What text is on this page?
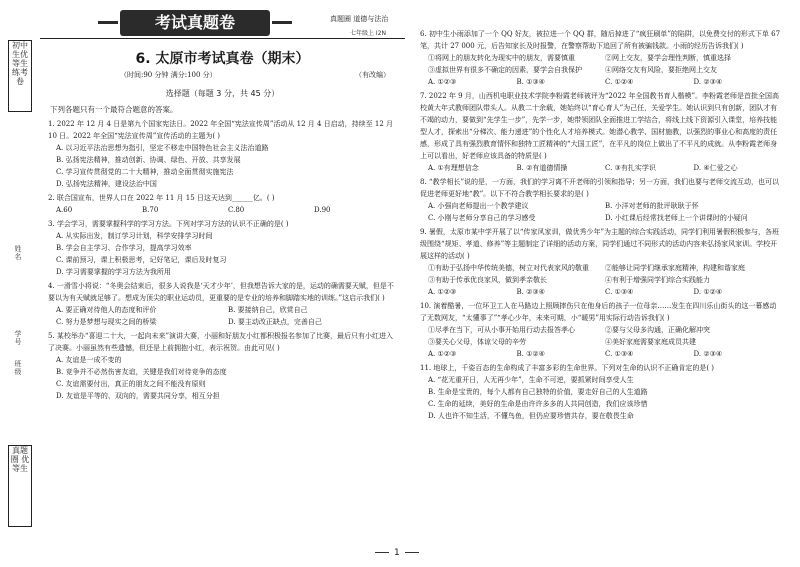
初中生优等生练考卷
姓
名
学
号
班
级
真题圈 优等生
考试真题卷	真题圈 道德与法治
七年级上 I2N
6. 太原市考试真卷（期末）
（时间:90 分钟 满分:100 分）	（有改编）
选择题（每题 3 分，共 45 分）
下列各题只有一个最符合题意的答案。

1. 2022 年 12 月 4 日是第九个国家宪法日。2022 年全国“宪法宣传周”活动从 12 月 4 日启动，持续至 12 月 10 日。2022 年全国“宪法宣传周”宣传活动的主题为( )

A. 以习近平法治思想为指引，坚定不移走中国特色社会主义法治道路
B. 弘扬宪法精神，推动创新、协调、绿色、开放、共享发展
C. 学习宣传贯彻党的二十大精神，推动全面贯彻实施宪法
D. 弘扬宪法精神，建设法治中国

2. 联合国宣布，世界人口在 2022 年 11 月 15 日这天达到______亿。( )

A.60	B.70	C.80	D.90

3. 学会学习，需要掌握科学的学习方法。下列对学习方法的认识不正确的是( )

A. 从实际出发，制订学习计划，科学安排学习时间
B. 学会自主学习、合作学习，提高学习效率
C. 课前预习，课上积极思考，记好笔记，课后及时复习
D. 学习需要掌握的学习方法为我所用

4. 一滑雪小将说：“冬奥会结束后，很多人说我是‘天才少年’，但我想告诉大家的是，运动的确需要天赋，但是不要以为有天赋就足够了。想成为顶尖的职业运动员，更重要的是专业的培养和脚踏实地的训练。”这启示我们( )

A. 要正确对待他人的态度和评价	B. 要接纳自己，欣赏自己
C. 努力是梦想与现实之间的桥梁	D. 要主动改正缺点，完善自己

5. 某校举办“喜迎二十大，一起向未来”演讲大赛，小丽和好朋友小红都积极报名参加了比赛，最后只有小红进入了决赛。小丽虽然有些遗憾，但还是上前拥抱小红，表示祝贺。由此可见( )

A. 友谊是一成不变的
B. 竞争并不必然伤害友谊，关键是我们对待竞争的态度
C. 友谊需要付出，真正的朋友之间不能没有原则
D. 友谊是平等的、双向的，需要共同分享，相互分担

6. 初中生小雨添加了一个 QQ 好友，被拉进一个 QQ 群，随后掉进了“疯狂刷单”的陷阱，以免费交付的形式下单 67 笔，共计 27 000 元，后告知家长及时报警，在警察帮助下追回了所有被骗钱款。小雨的经历告诉我们( )

①将网上的朋友转化为现实中的朋友，需要慎重	②网上交友，要学会理性判断，慎重选择
③虚拟世界有很多不确定的因素，要学会自我保护	④网络交友有风险，要拒绝网上交友
A. ①②③	B. ①③④	C. ①②④	D. ②③④

7. 2022 年 9 月，山西机电职业技术学院李粉霞老师被评为“2022 年全国教书育人楷模”。李粉霞老师是首批全国高校黄大年式教师团队带头人。从教二十余载，她始终以“育心育人”为己任，关爱学生。她认识到只有创新，团队才有不竭的动力，要做到“先学生一步”，先学一步，她带领团队全面推进工学结合，将线上线下资源引入课堂，培养技能型人才，探索出“分梯次、能力递进”的个性化人才培养模式。她潜心教学、国材施教，以强烈的事业心和高度的责任感，形成了具有强烈教育情怀和独特工匠精神的“大国工匠”，在平凡的岗位上做出了不平凡的成就。从李粉霞老师身上可以看出，好老师应该具备的特质是( )

A. ①有理想信念	B. ②有道德情操	C. ③有扎实学识	D. ④仁爱之心

8. “教学相长”说的是，一方面，我们的学习离不开老师的引领和指导；另一方面，我们也要与老师交流互动，也可以促进老师更好地“教”。以下不符合教学相长要求的是( )

A. 小强向老师提出一个教学建议	B. 小洋对老师的批评耿耿于怀
C. 小刚与老师分享自己的学习感受	D. 小红课后经常找老师上一个讲课时的小疑问

9. 暑假，太原市某中学开展了以“传家风家训，做优秀少年”为主题的综合实践活动，同学们利用暑假积极参与，各班级围绕“规矩、孝道、修养”等主题制定了详细的活动方案，同学们通过不同形式的活动内容来弘扬家风家训。学校开展这样的活动( )

①有助于弘扬中华传统美德，树立对代表家风的敬重	②能够让同学们继承家庭精神，构建和谐家庭
③有助于传承优良家风，做到孝亲敬长	④有利于增强同学们综合实践能力
A. ①②③	B. ②③④	C. ①③④	D. ①②④

10. 演着酷暑，一位环卫工人在马路边上照顾摔伤只在他身后的孩子一位母亲……发生在四川乐山街头的这一幕感动了无数网友，“太懂事了”“孝心少年，未来可期，小“暖男”用实际行动告诉我们( )

①尽孝在当下，可从小事开始用行动去报答孝心	②要与父母多沟通，正确化解冲突
③要关心父母，体谅父母的辛劳	④美好家庭需要家庭成员共建
A. ①②③	B. ①②④	C. ①③④	D. ②③④

11. 地球上，千姿百态的生命构成了丰富多彩的生命世界。下列对生命的认识不正确肯定的是( )

A. “花无重开日，人无再少年”，生命不可逆，要抓紧时间享受人生
B. 生命是宝贵的，每个人都有自己独特的价值，要走好自己的人生道路
C. 生命的延续，美好的生命是由许许多多的人共同创造，我们应该珍惜
D. 人也许不知生活，不懂鸟鱼，但仍应要珍惜共存，要在敬畏生命
1
